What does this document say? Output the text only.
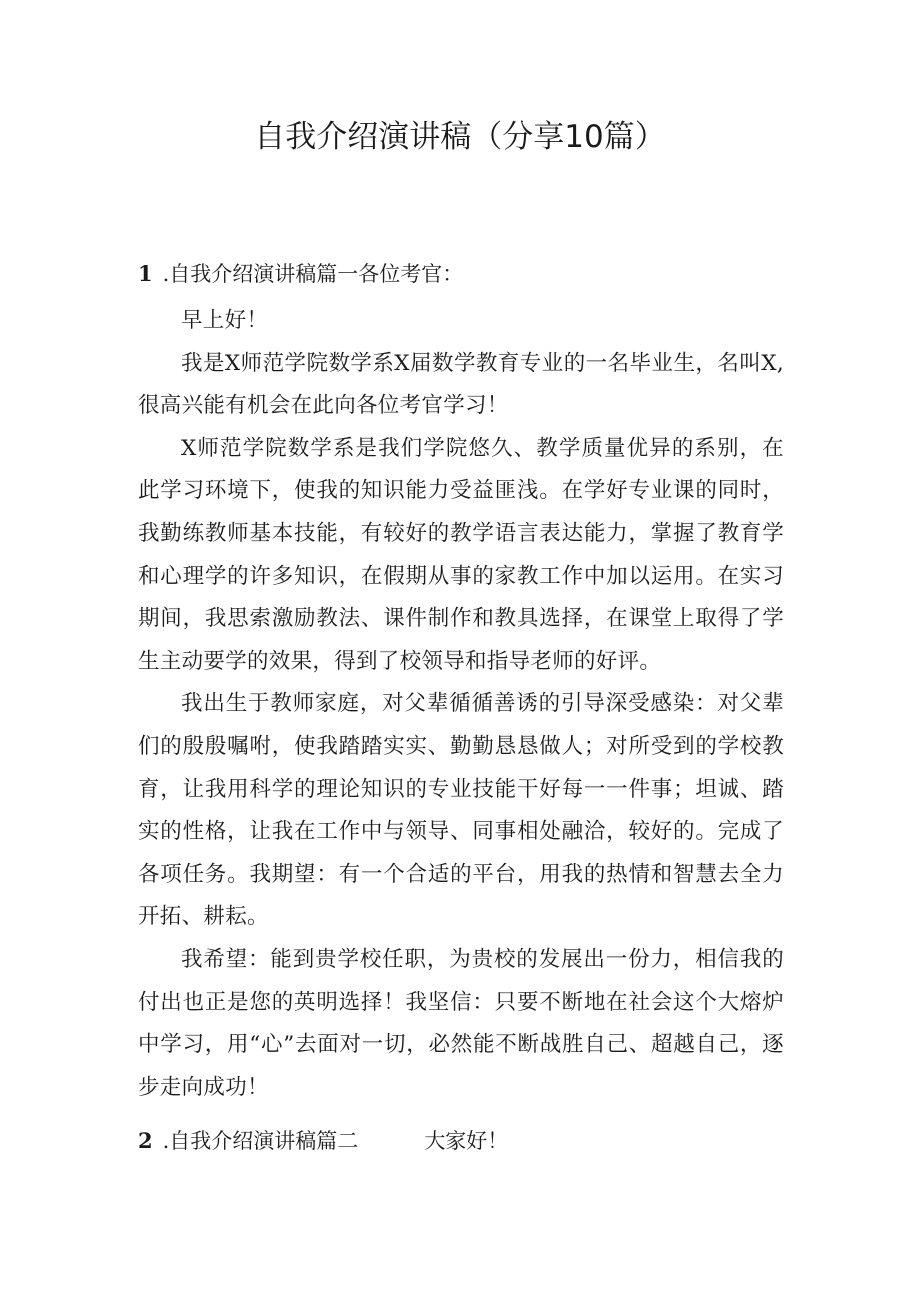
自我介绍演讲稿（分享10篇）
1 .自我介绍演讲稿篇一各位考官：

早上好！

我是X师范学院数学系X届数学教育专业的一名毕业生，名叫X,很高兴能有机会在此向各位考官学习！

X师范学院数学系是我们学院悠久、教学质量优异的系别，在此学习环境下，使我的知识能力受益匪浅。在学好专业课的同时，我勤练教师基本技能，有较好的教学语言表达能力，掌握了教育学和心理学的许多知识，在假期从事的家教工作中加以运用。在实习期间，我思索激励教法、课件制作和教具选择，在课堂上取得了学生主动要学的效果，得到了校领导和指导老师的好评。

我出生于教师家庭，对父辈循循善诱的引导深受感染：对父辈们的殷殷嘱咐，使我踏踏实实、勤勤恳恳做人；对所受到的学校教育，让我用科学的理论知识的专业技能干好每一一件事；坦诚、踏实的性格，让我在工作中与领导、同事相处融洽，较好的。完成了各项任务。我期望：有一个合适的平台，用我的热情和智慧去全力开拓、耕耘。

我希望：能到贵学校任职，为贵校的发展出一份力，相信我的付出也正是您的英明选择！我坚信：只要不断地在社会这个大熔炉中学习，用“心”去面对一切，必然能不断战胜自己、超越自己，逐步走向成功！

2 .自我介绍演讲稿篇二	大家好！
